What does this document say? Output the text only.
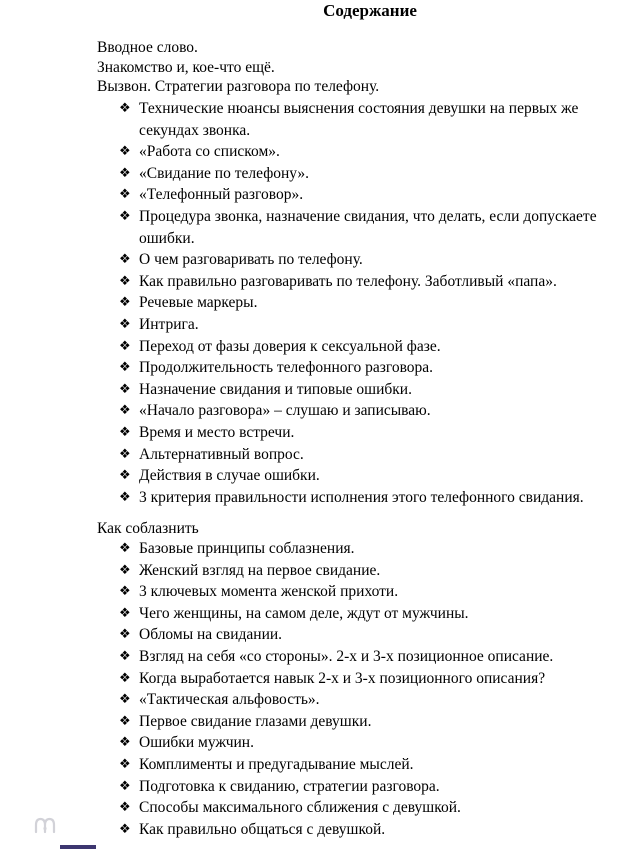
Содержание
Вводное слово.
Знакомство и, кое-что ещё.
Вызвон. Стратегии разговора по телефону.
❖ Технические нюансы выяснения состояния девушки на первых же секундах звонка.
❖ «Работа со списком».
❖ «Свидание по телефону».
❖ «Телефонный разговор».
❖ Процедура звонка, назначение свидания, что делать, если допускаете ошибки.
❖ О чем разговаривать по телефону.
❖ Как правильно разговаривать по телефону. Заботливый «папа».
❖ Речевые маркеры.
❖ Интрига.
❖ Переход от фазы доверия к сексуальной фазе.
❖ Продолжительность телефонного разговора.
❖ Назначение свидания и типовые ошибки.
❖ «Начало разговора» – слушаю и записываю.
❖ Время и место встречи.
❖ Альтернативный вопрос.
❖ Действия в случае ошибки.
❖ 3 критерия правильности исполнения этого телефонного свидания.
Как соблазнить
❖ Базовые принципы соблазнения.
❖ Женский взгляд на первое свидание.
❖ 3 ключевых момента женской прихоти.
❖ Чего женщины, на самом деле, ждут от мужчины.
❖ Обломы на свидании.
❖ Взгляд на себя «со стороны». 2-х и 3-х позиционное описание.
❖ Когда выработается навык 2-х и 3-х позиционного описания?
❖ «Тактическая альфовость».
❖ Первое свидание глазами девушки.
❖ Ошибки мужчин.
❖ Комплименты и предугадывание мыслей.
❖ Подготовка к свиданию, стратегии разговора.
❖ Способы максимального сближения с девушкой.
❖ Как правильно общаться с девушкой.
